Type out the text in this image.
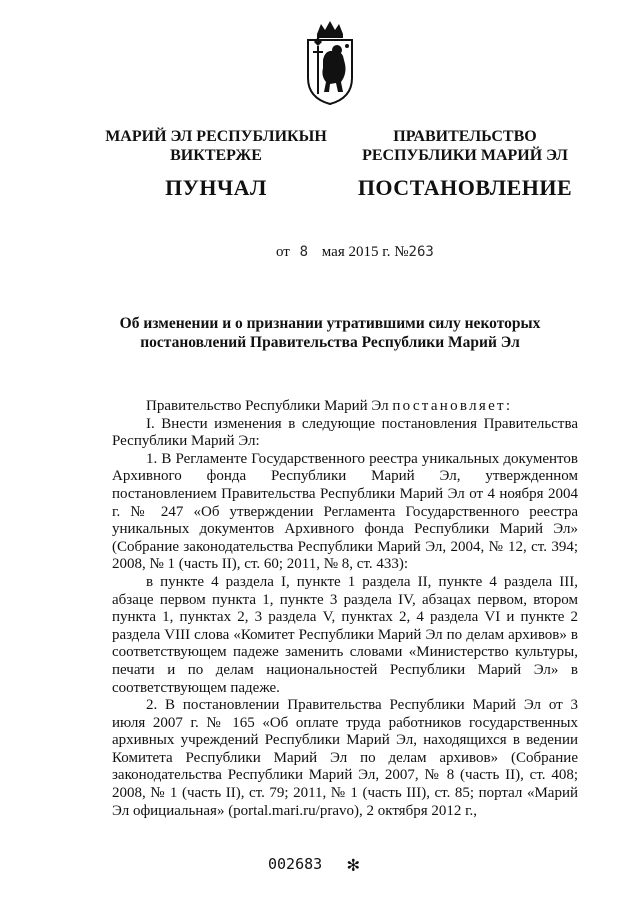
МАРИЙ ЭЛ РЕСПУБЛИКЫН
ВИКТЕРЖЕ
ПУНЧАЛ
ПРАВИТЕЛЬСТВО
РЕСПУБЛИКИ МАРИЙ ЭЛ
ПОСТАНОВЛЕНИЕ
от 8 мая 2015 г. №263
Об изменении и о признании утратившими силу некоторых
постановлений Правительства Республики Марий Эл

Правительство Республики Марий Эл постановляет:

I. Внести изменения в следующие постановления Правительства Республики Марий Эл:

1. В Регламенте Государственного реестра уникальных документов Архивного фонда Республики Марий Эл, утвержденном постановлением Правительства Республики Марий Эл от 4 ноября 2004 г. № 247 «Об утверждении Регламента Государственного реестра уникальных документов Архивного фонда Республики Марий Эл» (Собрание законодательства Республики Марий Эл, 2004, № 12, ст. 394; 2008, № 1 (часть II), ст. 60; 2011, № 8, ст. 433):

в пункте 4 раздела I, пункте 1 раздела II, пункте 4 раздела III, абзаце первом пункта 1, пункте 3 раздела IV, абзацах первом, втором пункта 1, пунктах 2, 3 раздела V, пунктах 2, 4 раздела VI и пункте 2 раздела VIII слова «Комитет Республики Марий Эл по делам архивов» в соответствующем падеже заменить словами «Министерство культуры, печати и по делам национальностей Республики Марий Эл» в соответствующем падеже.

2. В постановлении Правительства Республики Марий Эл от 3 июля 2007 г. № 165 «Об оплате труда работников государственных архивных учреждений Республики Марий Эл, находящихся в ведении Комитета Республики Марий Эл по делам архивов» (Собрание законодательства Республики Марий Эл, 2007, № 8 (часть II), ст. 408; 2008, № 1 (часть II), ст. 79; 2011, № 1 (часть III), ст. 85; портал «Марий Эл официальная» (portal.mari.ru/pravo), 2 октября 2012 г.,

002683 ✻
